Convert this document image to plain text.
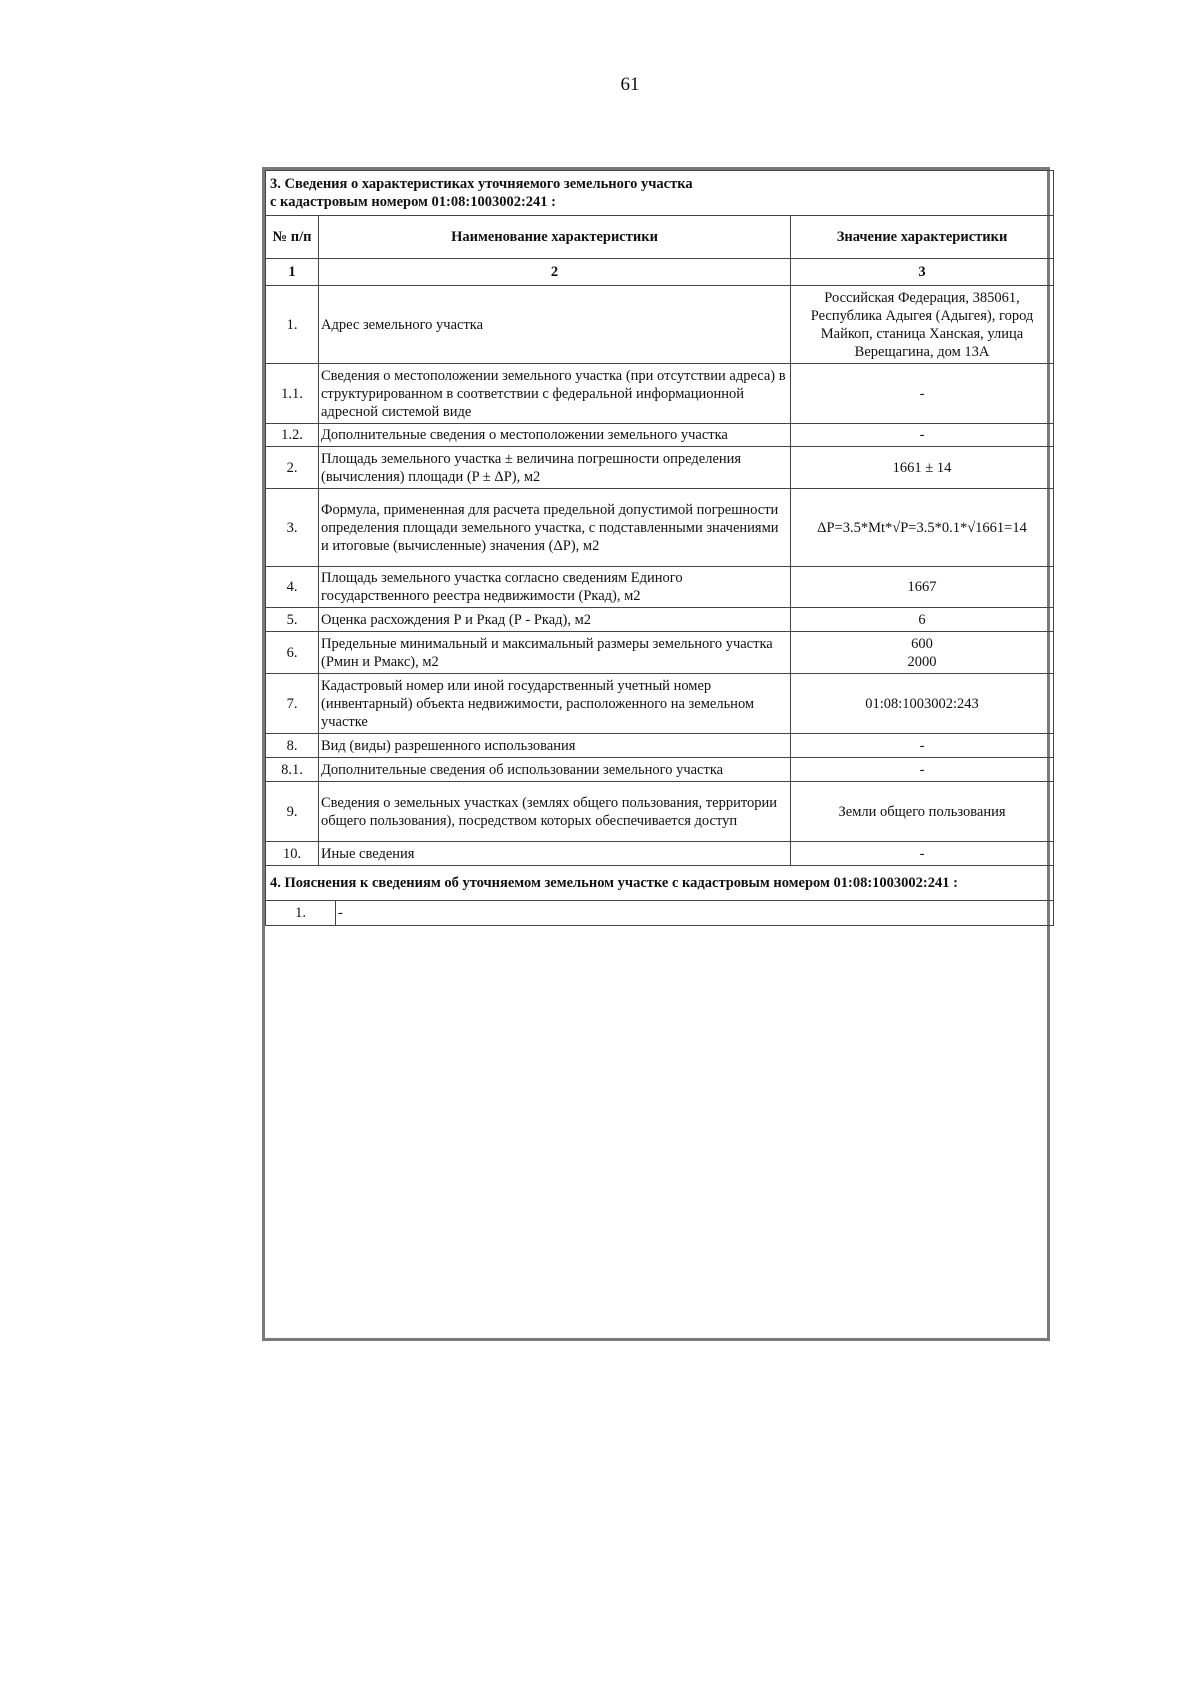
61
3. Сведения о характеристиках уточняемого земельного участка
с кадастровым номером 01:08:1003002:241 :		
№ п/п	Наименование характеристики	Значение характеристики
1	2	3
1.	Адрес земельного участка	Российская Федерация, 385061, Республика Адыгея (Адыгея), город Майкоп, станица Ханская, улица Верещагина, дом 13А
1.1.	Сведения о местоположении земельного участка (при отсутствии адреса) в структурированном в соответствии с федеральной информационной адресной системой виде	-
1.2.	Дополнительные сведения о местоположении земельного участка	-
2.	Площадь земельного участка ± величина погрешности определения (вычисления) площади (P ± ΔP), м2	1661 ± 14
3.	Формула, примененная для расчета предельной допустимой погрешности определения площади земельного участка, с подставленными значениями и итоговые (вычисленные) значения (ΔP), м2	ΔP=3.5*Mt*√P=3.5*0.1*√1661=14
4.	Площадь земельного участка согласно сведениям Единого государственного реестра недвижимости (Ркад), м2	1667
5.	Оценка расхождения Р и Ркад (Р - Ркад), м2	6
6.	Предельные минимальный и максимальный размеры земельного участка (Рмин и Рмакс), м2	600
2000
7.	Кадастровый номер или иной государственный учетный номер (инвентарный) объекта недвижимости, расположенного на земельном участке	01:08:1003002:243
8.	Вид (виды) разрешенного использования	-
8.1.	Дополнительные сведения об использовании земельного участка	-
9.	Сведения о земельных участках (землях общего пользования, территории общего пользования), посредством которых обеспечивается доступ	Земли общего пользования
10.	Иные сведения	-
4. Пояснения к сведениям об уточняемом земельном участке с кадастровым номером 01:08:1003002:241 :
1.	-
